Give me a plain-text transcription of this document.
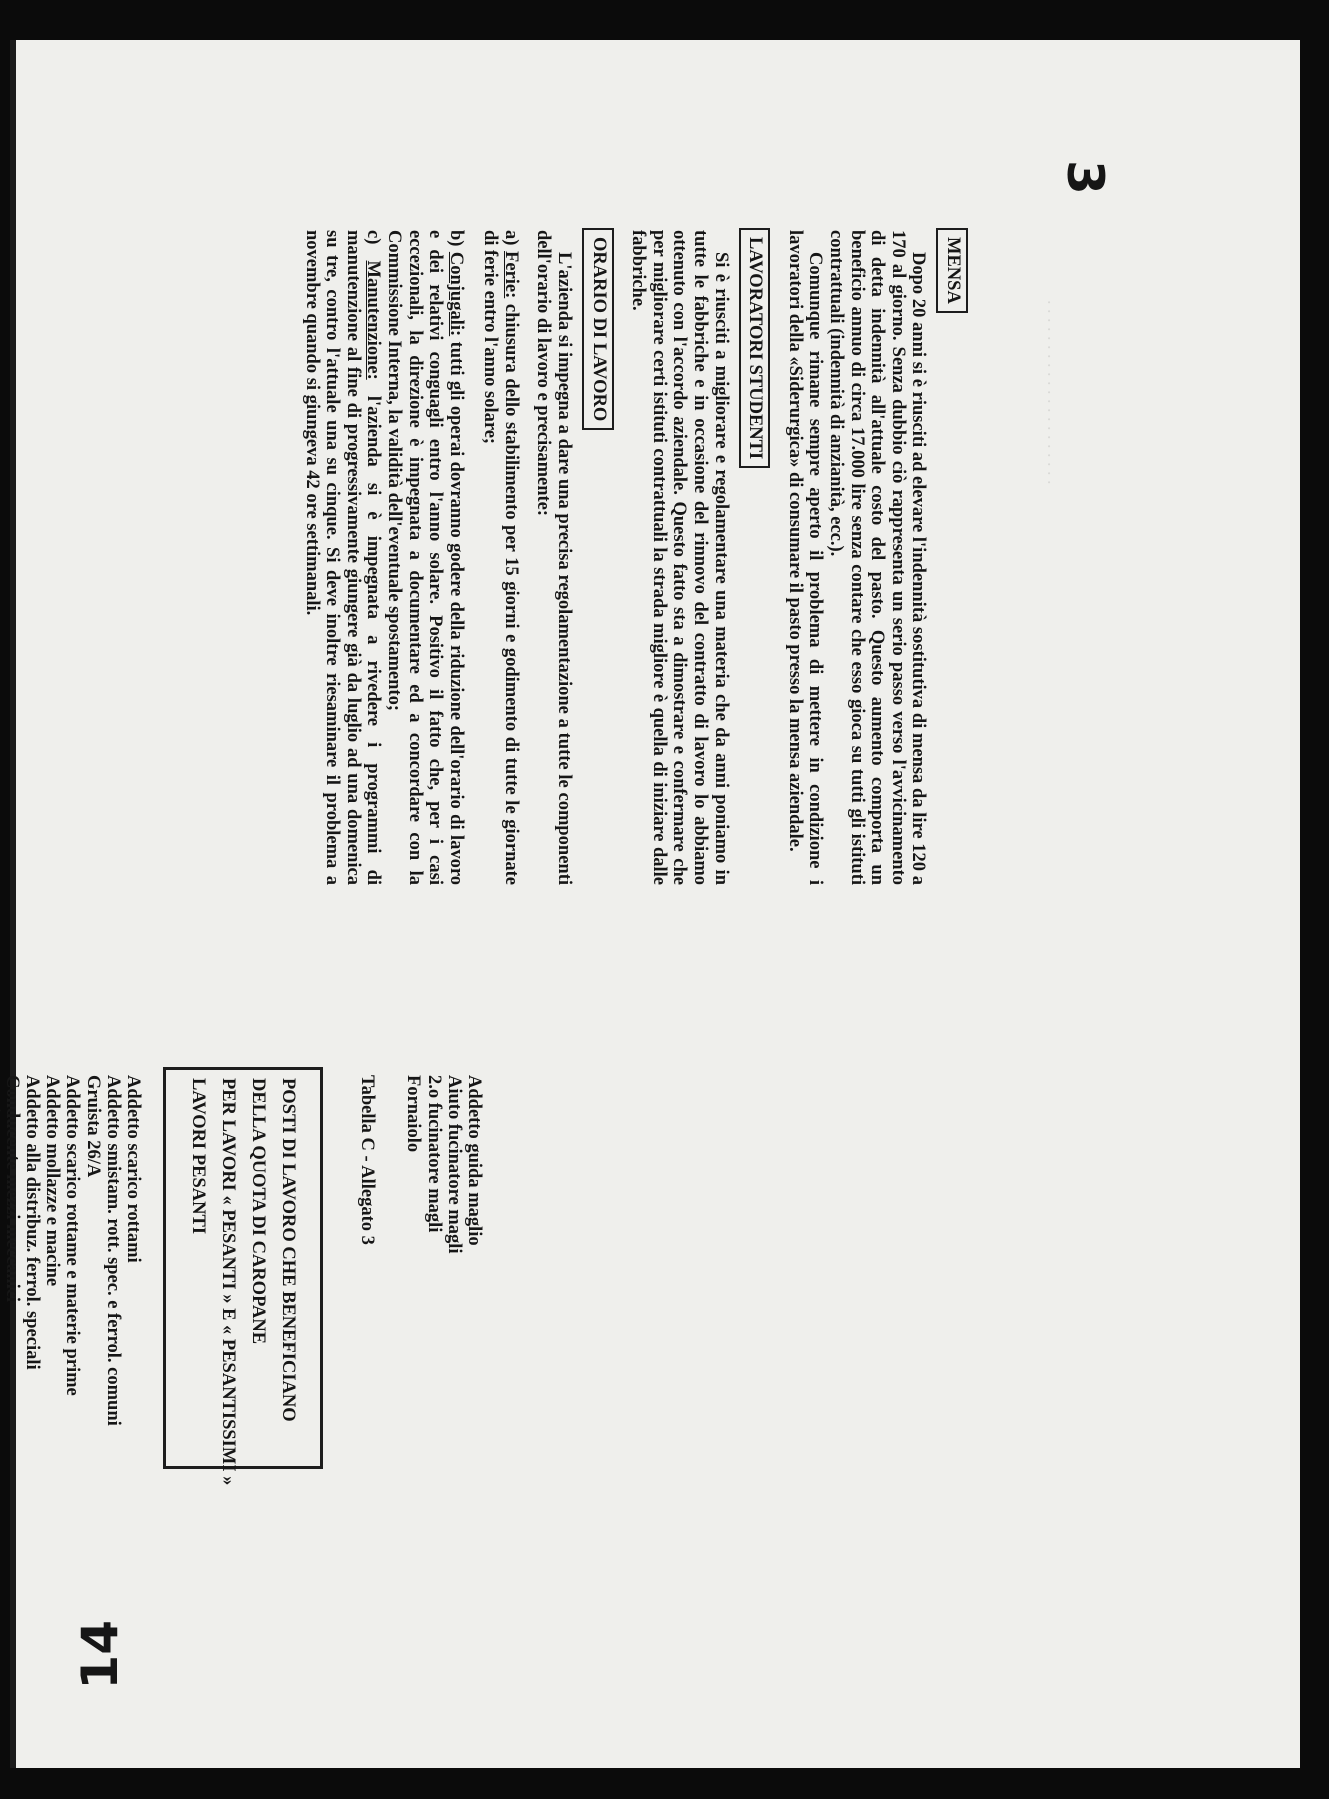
3
14
. . . . . . . . . . . . . . . . . . . . .
MENSA

Dopo 20 anni si è riusciti ad elevare l'indennità sostitutiva di mensa da lire 120 a 170 al giorno. Senza dubbio ciò rappresenta un serio passo verso l'avvicinamento di detta indennità all'attuale costo del pasto. Questo aumento comporta un beneficio annuo di circa 17.000 lire senza contare che esso gioca su tutti gli istituti contrattuali (indennità di anzianità, ecc.).

Comunque rimane sempre aperto il problema di mettere in condizione i lavoratori della «Siderurgica» di consumare il pasto presso la mensa aziendale.

LAVORATORI STUDENTI

Si è riusciti a migliorare e regolamentare una materia che da anni poniamo in tutte le fabbriche e in occasione del rinnovo del contratto di lavoro lo abbiamo ottenuto con l'accordo aziendale. Questo fatto sta a dimostrare e confermare che per migliorare certi istituti contrattuali la strada migliore è quella di iniziare dalle fabbriche.

ORARIO DI LAVORO

L'azienda si impegna a dare una precisa regolamentazione a tutte le componenti dell'orario di lavoro e precisamente:

a) Ferie: chiusura dello stabilimento per 15 giorni e godimento di tutte le giornate di ferie entro l'anno solare;

b) Conjugali: tutti gli operai dovranno godere della riduzione dell'orario di lavoro e dei relativi conguagli entro l'anno solare. Positivo il fatto che, per i casi eccezionali, la direzione è impegnata a documentare ed a concordare con la Commissione Interna, la validità dell'eventuale spostamento;

c) Manutenzione: l'azienda si è impegnata a rivedere i programmi di manutenzione al fine di progressivamente giungere già da luglio ad una domenica su tre, contro l'attuale una su cinque. Si deve inoltre riesaminare il problema a novembre quando si giungeva 42 ore settimanali.

Addetto guida maglio
Aiuto fucinatore magli
2.o fucinatore magli
Fornaiolo
Tabella C - Allegato 3
POSTI DI LAVORO CHE BENEFICIANO
DELLA QUOTA DI CAROPANE
PER LAVORI « PESANTI » E « PESANTISSIMI »
LAVORI PESANTI
Addetto scarico rottami
Addetto smistam. rott. spec. e ferrol. comuni
Gruista 26/A
Addetto scarico rottame e materie prime
Addetto mollazze e macine
Addetto alla distribuz. ferrol. speciali
Conducente mezzi meccanici
